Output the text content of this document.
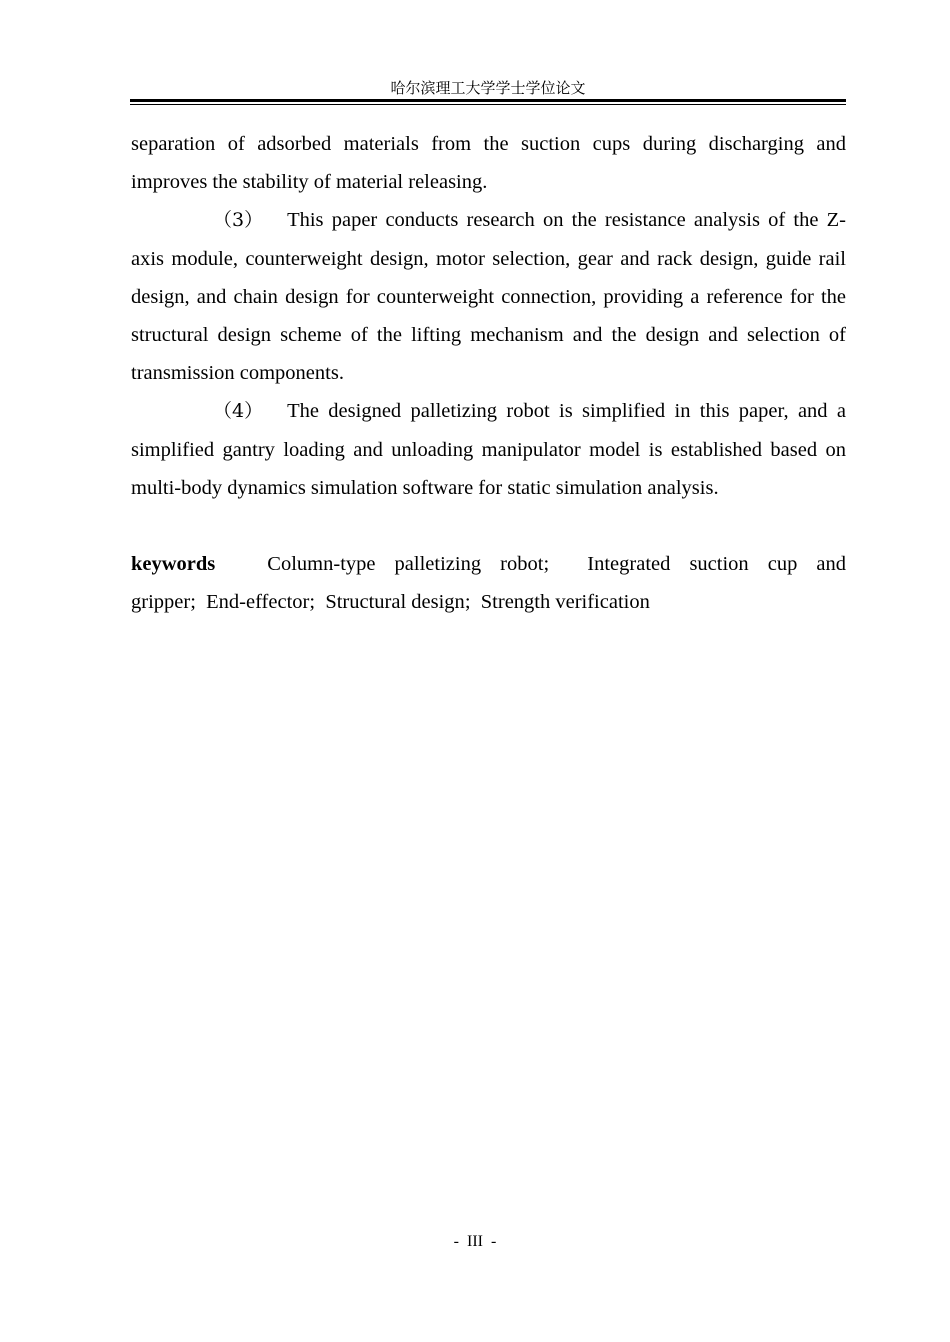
哈尔滨理工大学学士学位论文

separation of adsorbed materials from the suction cups during discharging and improves the stability of material releasing.

（3） This paper conducts research on the resistance analysis of the Z-axis module, counterweight design, motor selection, gear and rack design, guide rail design, and chain design for counterweight connection, providing a reference for the structural design scheme of the lifting mechanism and the design and selection of transmission components.

（4） The designed palletizing robot is simplified in this paper, and a simplified gantry loading and unloading manipulator model is established based on multi-body dynamics simulation software for static simulation analysis.

keywords	Column-type palletizing robot;  Integrated suction cup and gripper;  End-effector;  Structural design;  Strength verification

- III -
